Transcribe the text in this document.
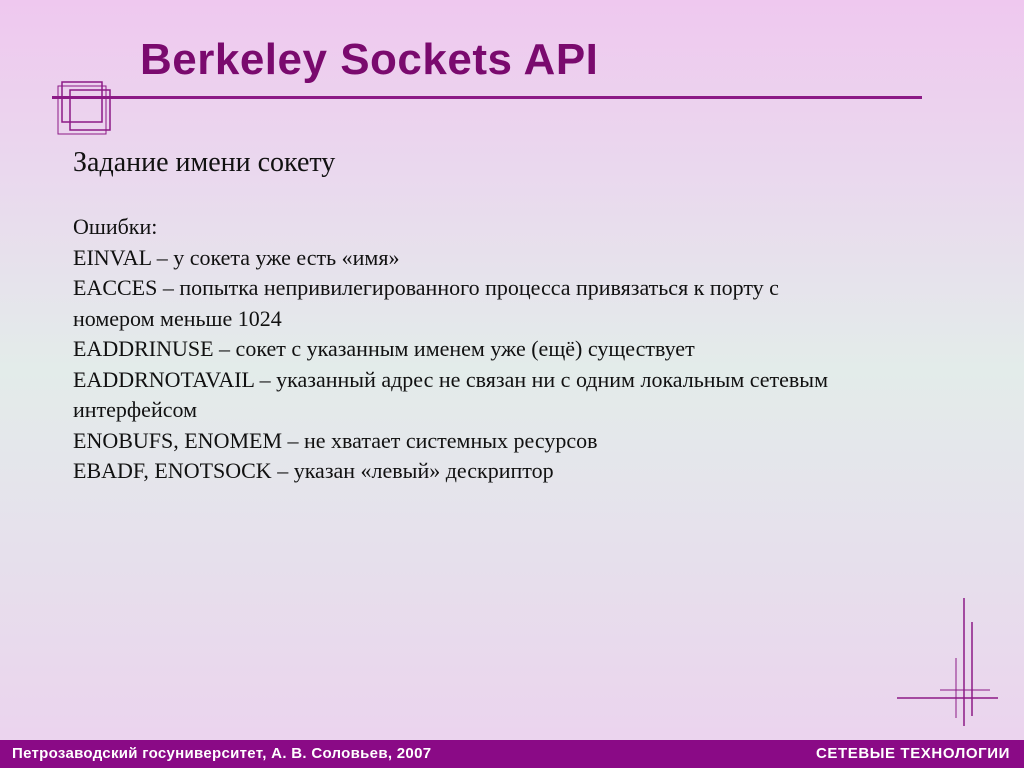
Berkeley Sockets API
Задание имени сокету
Ошибки:
EINVAL – у сокета уже есть «имя»
EACCES – попытка непривилегированного процесса привязаться к порту с
номером меньше 1024
EADDRINUSE – сокет с указанным именем уже (ещё) существует
EADDRNOTAVAIL – указанный адрес не связан ни с одним локальным сетевым
интерфейсом
ENOBUFS, ENOMEM – не хватает системных ресурсов
EBADF, ENOTSOCK – указан «левый» дескриптор
Петрозаводский госуниверситет, А. В. Соловьев, 2007	СЕТЕВЫЕ ТЕХНОЛОГИИ
